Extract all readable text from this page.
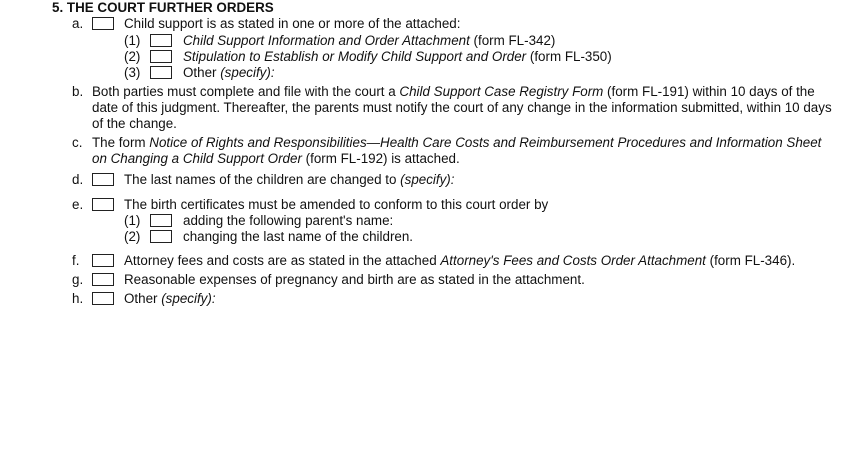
5. THE COURT FURTHER ORDERS
a.	Child support is as stated in one or more of the attached:
(1)	Child Support Information and Order Attachment (form FL-342)
(2)	Stipulation to Establish or Modify Child Support and Order (form FL-350)
(3)	Other (specify):
b. Both parties must complete and file with the court a Child Support Case Registry Form (form FL-191) within 10 days of the
date of this judgment. Thereafter, the parents must notify the court of any change in the information submitted, within 10 days
of the change.
c. The form Notice of Rights and Responsibilities—Health Care Costs and Reimbursement Procedures and Information Sheet
on Changing a Child Support Order (form FL-192) is attached.
d.	The last names of the children are changed to (specify):
e.	The birth certificates must be amended to conform to this court order by
(1)	adding the following parent's name:
(2)	changing the last name of the children.
f.	Attorney fees and costs are as stated in the attached Attorney's Fees and Costs Order Attachment (form FL-346).
g.	Reasonable expenses of pregnancy and birth are as stated in the attachment.
h.	Other (specify):
